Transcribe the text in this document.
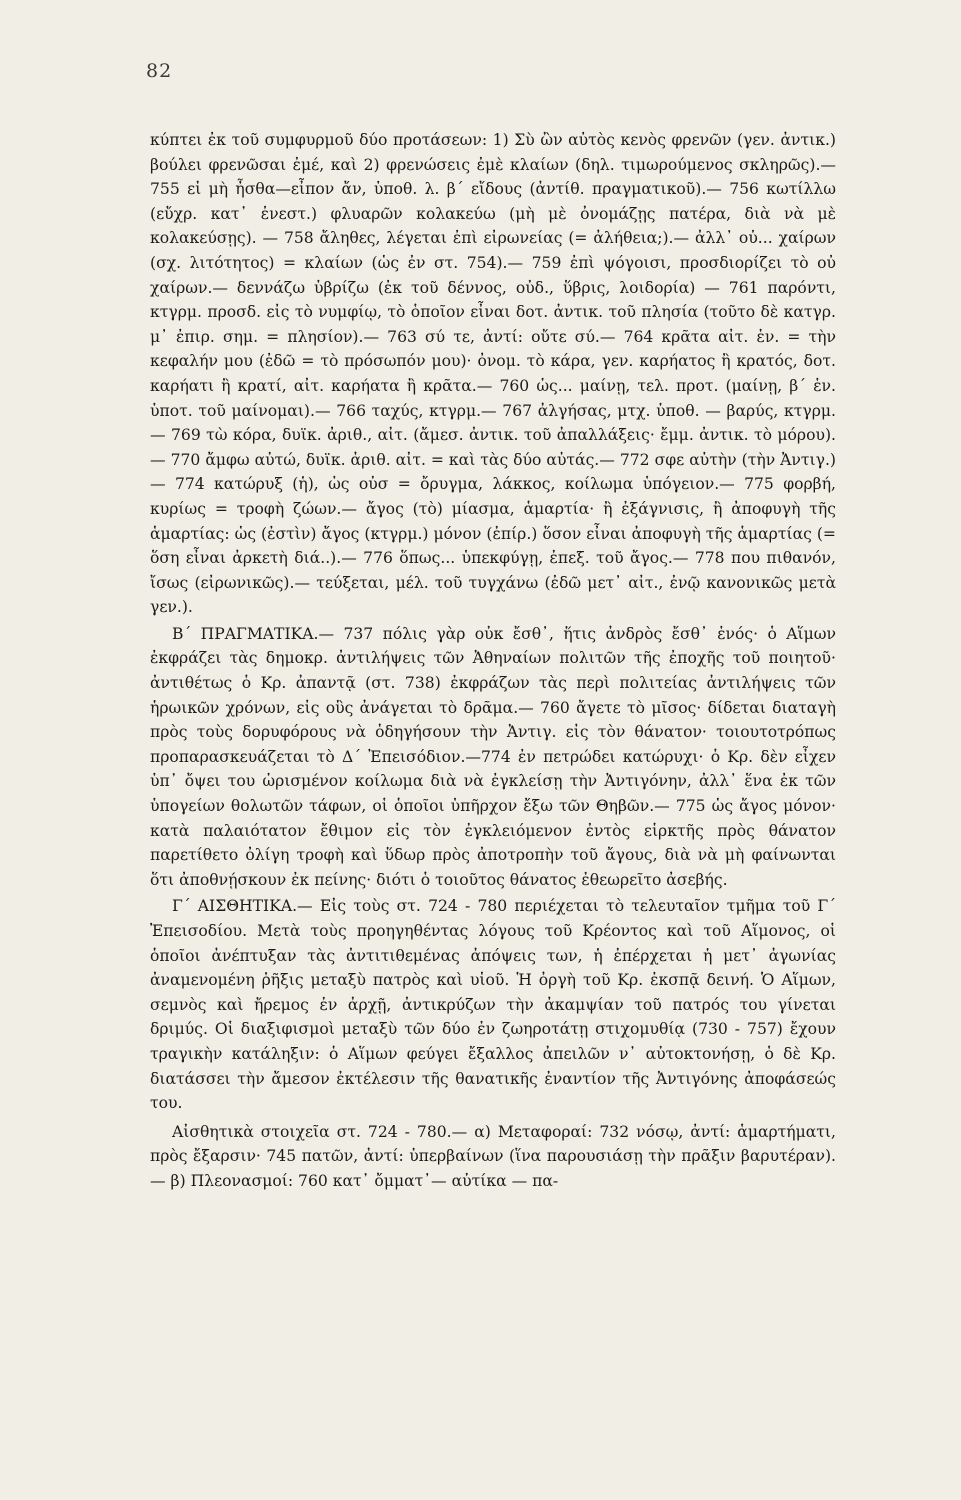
82

κύπτει ἐκ τοῦ συμφυρμοῦ δύο προτάσεων: 1) Σὺ ὢν αὐτὸς κενὸς φρενῶν (γεν. ἀντικ.) βούλει φρενῶσαι ἐμέ, καὶ 2) φρενώσεις ἐμὲ κλαίων (δηλ. τιμωρούμενος σκληρῶς).— 755 εἰ μὴ ἦσθα—εἶπον ἄν, ὑποθ. λ. β΄ εἴδους (ἀντίθ. πραγματικοῦ).— 756 κωτίλλω (εὔχρ. κατ᾽ ἐνεστ.) φλυαρῶν κολακεύω (μὴ μὲ ὀνομάζῃς πατέρα, διὰ νὰ μὲ κολακεύσῃς). — 758 ἄληθες, λέγεται ἐπὶ εἰρωνείας (= ἀλήθεια;).— ἀλλ᾽ οὐ... χαίρων (σχ. λιτότητος) = κλαίων (ὡς ἐν στ. 754).— 759 ἐπὶ ψόγοισι, προσδιορίζει τὸ οὐ χαίρων.— δεννάζω ὑβρίζω (ἐκ τοῦ δέννος, οὐδ., ὕβρις, λοιδορία) — 761 παρόντι, κτγρμ. προσδ. εἰς τὸ νυμφίῳ, τὸ ὁποῖον εἶναι δοτ. ἀντικ. τοῦ πλησία (τοῦτο δὲ κατγρ. μ᾽ ἐπιρ. σημ. = πλησίον).— 763 σύ τε, ἀντί: οὔτε σύ.— 764 κρᾶτα αἰτ. ἑν. = τὴν κεφαλήν μου (ἐδῶ = τὸ πρόσωπόν μου)· ὀνομ. τὸ κάρα, γεν. καρήατος ἢ κρατός, δοτ. καρήατι ἢ κρατί, αἰτ. καρήατα ἢ κρᾶτα.— 760 ὡς... μαίνῃ, τελ. προτ. (μαίνῃ, β΄ ἑν. ὑποτ. τοῦ μαίνομαι).— 766 ταχύς, κτγρμ.— 767 ἀλγήσας, μτχ. ὑποθ. — βαρύς, κτγρμ.— 769 τὼ κόρα, δυϊκ. ἀριθ., αἰτ. (ἄμεσ. ἀντικ. τοῦ ἀπαλλάξεις· ἔμμ. ἀντικ. τὸ μόρου).— 770 ἄμφω αὐτώ, δυϊκ. ἀριθ. αἰτ. = καὶ τὰς δύο αὐτάς.— 772 σφε αὐτὴν (τὴν Ἀντιγ.)— 774 κατώρυξ (ἡ), ὡς οὐσ = ὄρυγμα, λάκκος, κοίλωμα ὑπόγειον.— 775 φορβή, κυρίως = τροφὴ ζώων.— ἄγος (τὸ) μίασμα, ἁμαρτία· ἢ ἐξάγνισις, ἢ ἀποφυγὴ τῆς ἁμαρτίας: ὡς (ἐστὶν) ἄγος (κτγρμ.) μόνον (ἐπίρ.) ὅσον εἶναι ἀποφυγὴ τῆς ἁμαρτίας (= ὅση εἶναι ἀρκετὴ διά..).— 776 ὅπως... ὑπεκφύγῃ, ἐπεξ. τοῦ ἄγος.— 778 που πιθανόν, ἴσως (εἰρωνικῶς).— τεύξεται, μέλ. τοῦ τυγχάνω (ἐδῶ μετ᾽ αἰτ., ἐνῷ κανονικῶς μετὰ γεν.).

Β΄ ΠΡΑΓΜΑΤΙΚΑ.— 737 πόλις γὰρ οὐκ ἔσθ᾽, ἥτις ἀνδρὸς ἔσθ᾽ ἑνός· ὁ Αἵμων ἐκφράζει τὰς δημοκρ. ἀντιλήψεις τῶν Ἀθηναίων πολιτῶν τῆς ἐποχῆς τοῦ ποιητοῦ· ἀντιθέτως ὁ Κρ. ἀπαντᾷ (στ. 738) ἐκφράζων τὰς περὶ πολιτείας ἀντιλήψεις τῶν ἡρωικῶν χρόνων, εἰς οὓς ἀνάγεται τὸ δρᾶμα.— 760 ἄγετε τὸ μῖσος· δίδεται διαταγὴ πρὸς τοὺς δορυφόρους νὰ ὁδηγήσουν τὴν Ἀντιγ. εἰς τὸν θάνατον· τοιουτοτρόπως προπαρασκευάζεται τὸ Δ΄ Ἐπεισόδιον.—774 ἐν πετρώδει κατώρυχι· ὁ Κρ. δὲν εἶχεν ὑπ᾽ ὄψει του ὡρισμένον κοίλωμα διὰ νὰ ἐγκλείσῃ τὴν Ἀντιγόνην, ἀλλ᾽ ἕνα ἐκ τῶν ὑπογείων θολωτῶν τάφων, οἱ ὁποῖοι ὑπῆρχον ἔξω τῶν Θηβῶν.— 775 ὡς ἄγος μόνον· κατὰ παλαιότατον ἔθιμον εἰς τὸν ἐγκλειόμενον ἐντὸς εἱρκτῆς πρὸς θάνατον παρετίθετο ὀλίγη τροφὴ καὶ ὕδωρ πρὸς ἀποτροπὴν τοῦ ἄγους, διὰ νὰ μὴ φαίνωνται ὅτι ἀποθνῄσκουν ἐκ πείνης· διότι ὁ τοιοῦτος θάνατος ἐθεωρεῖτο ἀσεβής.

Γ΄ ΑΙΣΘΗΤΙΚΑ.— Εἰς τοὺς στ. 724 - 780 περιέχεται τὸ τελευταῖον τμῆμα τοῦ Γ΄ Ἐπεισοδίου. Μετὰ τοὺς προηγηθέντας λόγους τοῦ Κρέοντος καὶ τοῦ Αἵμονος, οἱ ὁποῖοι ἀνέπτυξαν τὰς ἀντιτιθεμένας ἀπόψεις των, ἡ ἐπέρχεται ἡ μετ᾽ ἀγωνίας ἀναμενομένη ῥῆξις μεταξὺ πατρὸς καὶ υἱοῦ. Ἡ ὀργὴ τοῦ Κρ. ἐκσπᾷ δεινή. Ὁ Αἵμων, σεμνὸς καὶ ἤρεμος ἐν ἀρχῇ, ἀντικρύζων τὴν ἀκαμψίαν τοῦ πατρός του γίνεται δριμύς. Οἱ διαξιφισμοὶ μεταξὺ τῶν δύο ἐν ζωηροτάτῃ στιχομυθίᾳ (730 - 757) ἔχουν τραγικὴν κατάληξιν: ὁ Αἵμων φεύγει ἔξαλλος ἀπειλῶν ν᾽ αὐτοκτονήσῃ, ὁ δὲ Κρ. διατάσσει τὴν ἄμεσον ἐκτέλεσιν τῆς θανατικῆς ἐναντίον τῆς Ἀντιγόνης ἀποφάσεώς του.

Αἰσθητικὰ στοιχεῖα στ. 724 - 780.— α) Μεταφοραί: 732 νόσῳ, ἀντί: ἁμαρτήματι, πρὸς ἔξαρσιν· 745 πατῶν, ἀντί: ὑπερβαίνων (ἵνα παρουσιάσῃ τὴν πρᾶξιν βαρυτέραν). — β) Πλεονασμοί: 760 κατ᾽ ὄμματ᾽— αὐτίκα — πα-
